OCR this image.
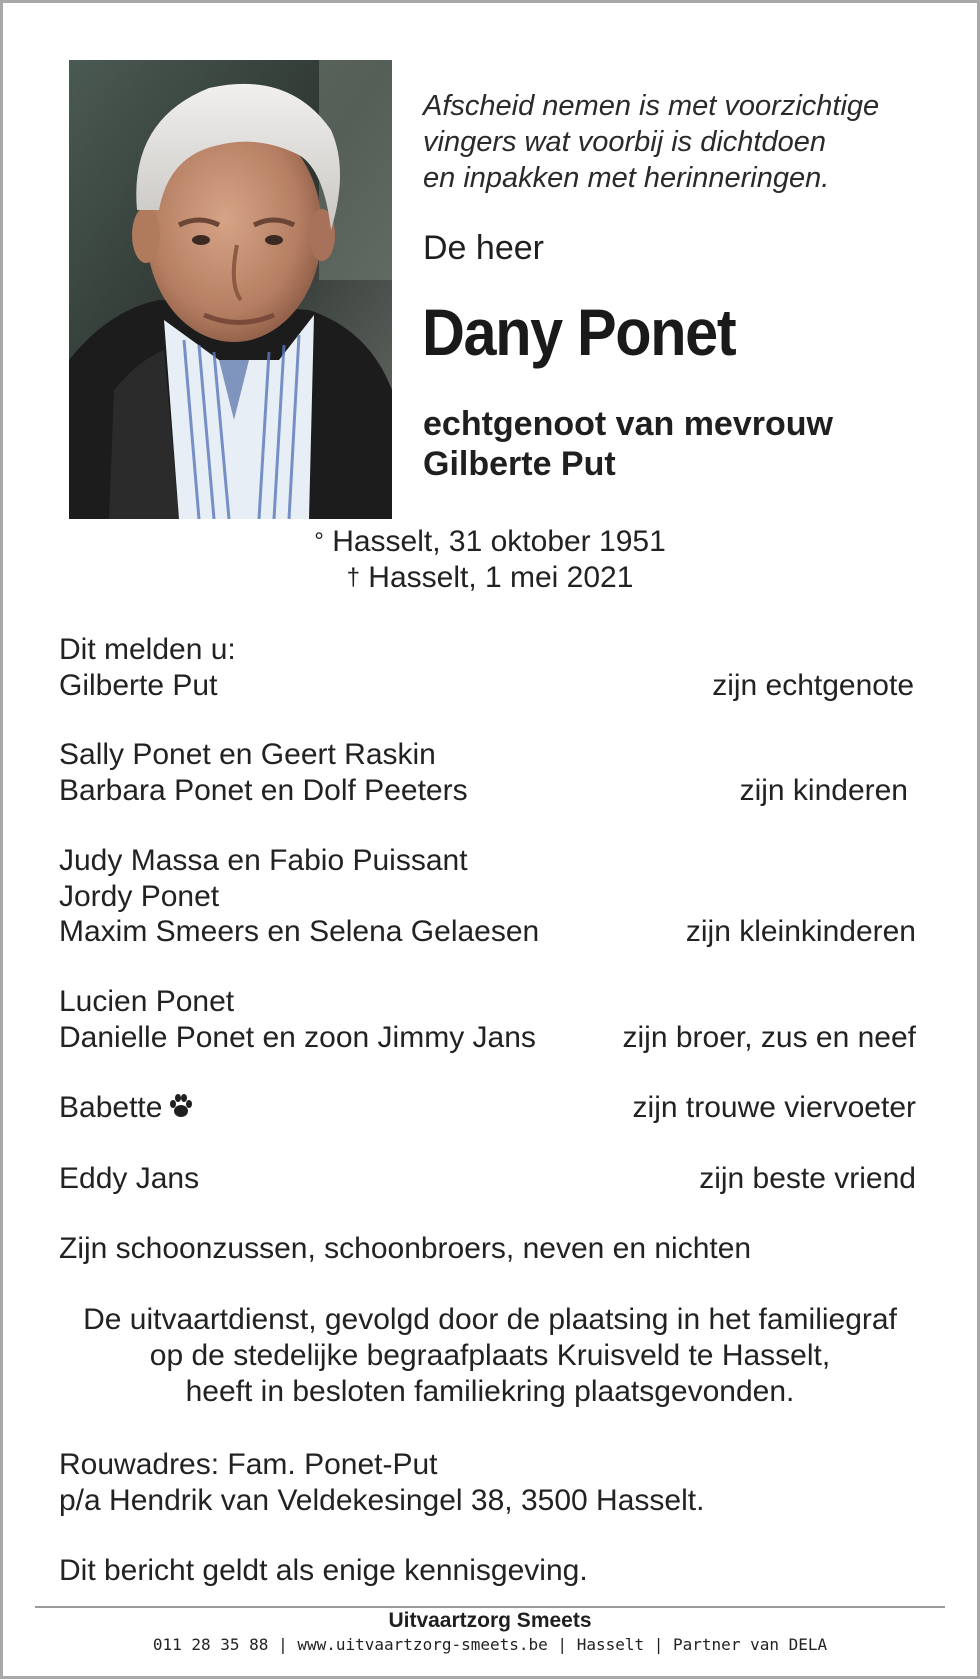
Afscheid nemen is met voorzichtige
vingers wat voorbij is dichtdoen
en inpakken met herinneringen.
De heer
Dany Ponet
echtgenoot van mevrouw
Gilberte Put
° Hasselt, 31 oktober 1951
† Hasselt, 1 mei 2021
Dit melden u:
Gilberte Put	zijn echtgenote
Sally Ponet en Geert Raskin
Barbara Ponet en Dolf Peeters	zijn kinderen
Judy Massa en Fabio Puissant
Jordy Ponet
Maxim Smeers en Selena Gelaesen	zijn kleinkinderen
Lucien Ponet
Danielle Ponet en zoon Jimmy Jans	zijn broer, zus en neef
Babette	zijn trouwe viervoeter
Eddy Jans	zijn beste vriend
Zijn schoonzussen, schoonbroers, neven en nichten
De uitvaartdienst, gevolgd door de plaatsing in het familiegraf
op de stedelijke begraafplaats Kruisveld te Hasselt,
heeft in besloten familiekring plaatsgevonden.
Rouwadres: Fam. Ponet-Put
p/a Hendrik van Veldekesingel 38, 3500 Hasselt.
Dit bericht geldt als enige kennisgeving.
Uitvaartzorg Smeets
011 28 35 88 | www.uitvaartzorg-smeets.be | Hasselt | Partner van DELA
